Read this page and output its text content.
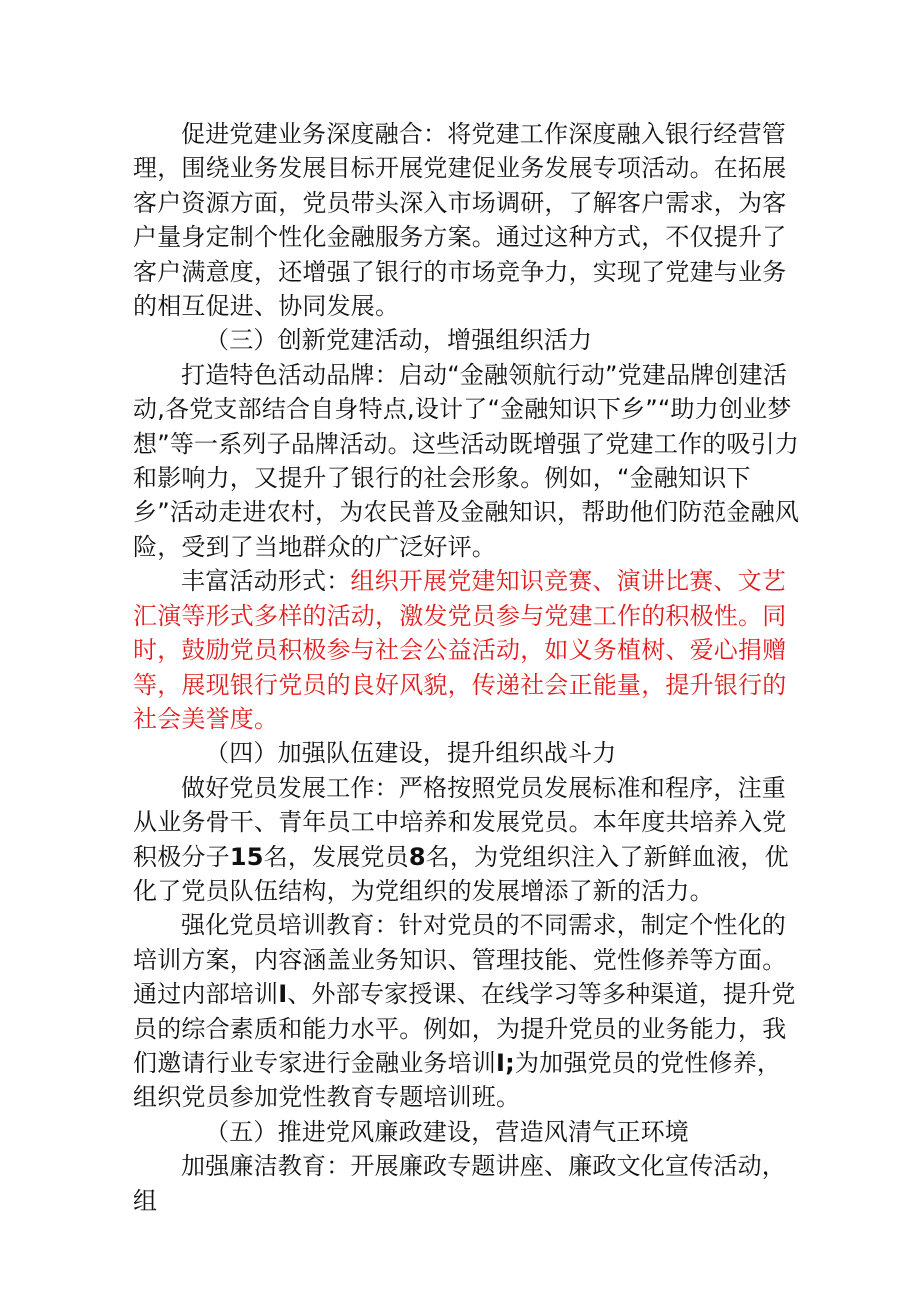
促进党建业务深度融合：将党建工作深度融入银行经营管理，围绕业务发展目标开展党建促业务发展专项活动。在拓展客户资源方面，党员带头深入市场调研，了解客户需求，为客户量身定制个性化金融服务方案。通过这种方式，不仅提升了客户满意度，还增强了银行的市场竞争力，实现了党建与业务的相互促进、协同发展。

（三）创新党建活动，增强组织活力

打造特色活动品牌：启动“金融领航行动”党建品牌创建活动,各党支部结合自身特点,设计了“金融知识下乡”“助力创业梦想”等一系列子品牌活动。这些活动既增强了党建工作的吸引力和影响力，又提升了银行的社会形象。例如，“金融知识下乡”活动走进农村，为农民普及金融知识，帮助他们防范金融风险，受到了当地群众的广泛好评。

丰富活动形式：组织开展党建知识竞赛、演讲比赛、文艺汇演等形式多样的活动，激发党员参与党建工作的积极性。同时，鼓励党员积极参与社会公益活动，如义务植树、爱心捐赠等，展现银行党员的良好风貌，传递社会正能量，提升银行的社会美誉度。

（四）加强队伍建设，提升组织战斗力

做好党员发展工作：严格按照党员发展标准和程序，注重从业务骨干、青年员工中培养和发展党员。本年度共培养入党积极分子15名，发展党员8名，为党组织注入了新鲜血液，优化了党员队伍结构，为党组织的发展增添了新的活力。

强化党员培训教育：针对党员的不同需求，制定个性化的培训方案，内容涵盖业务知识、管理技能、党性修养等方面。通过内部培训I、外部专家授课、在线学习等多种渠道，提升党员的综合素质和能力水平。例如，为提升党员的业务能力，我们邀请行业专家进行金融业务培训I;为加强党员的党性修养，组织党员参加党性教育专题培训班。

（五）推进党风廉政建设，营造风清气正环境

加强廉洁教育：开展廉政专题讲座、廉政文化宣传活动，组
